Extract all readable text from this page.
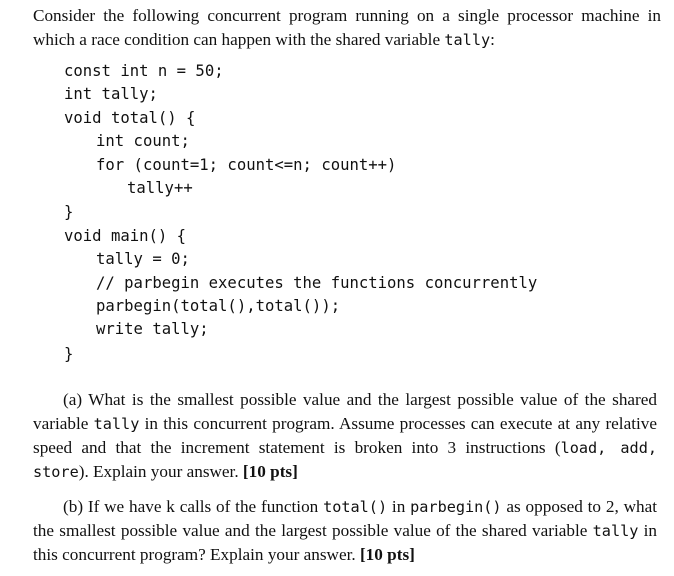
Consider the following concurrent program running on a single processor machine in which a race condition can happen with the shared variable tally:

const int n = 50;
int tally;
void total() {
int count;
for (count=1; count<=n; count++)
tally++
}
void main() {
tally = 0;
// parbegin executes the functions concurrently
parbegin(total(),total());
write tally;
}

(a) What is the smallest possible value and the largest possible value of the shared variable tally in this concurrent program. Assume processes can execute at any relative speed and that the increment statement is broken into 3 instructions (load, add, store). Explain your answer. [10 pts]

(b) If we have k calls of the function total() in parbegin() as opposed to 2, what the smallest possible value and the largest possible value of the shared variable tally in this concurrent program? Explain your answer. [10 pts]
